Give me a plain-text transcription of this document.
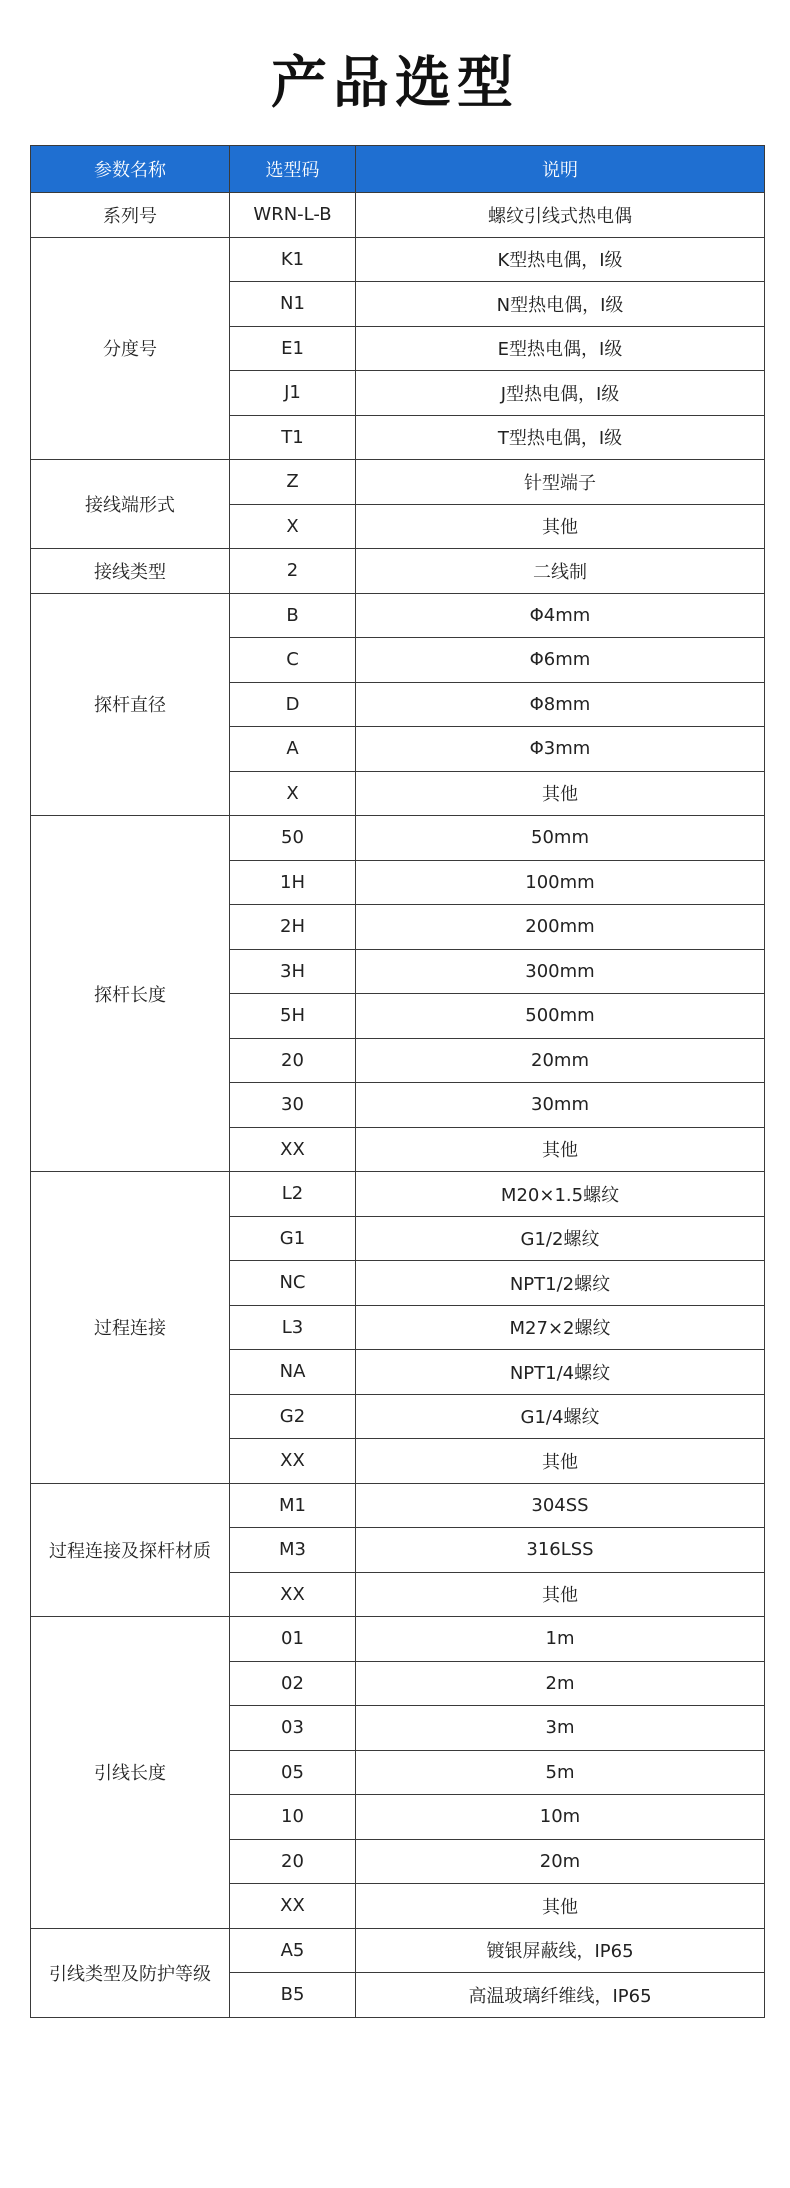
产品选型
参数名称	选型码	说明
系列号	WRN-L-B	螺纹引线式热电偶
分度号	K1	K型热电偶，Ⅰ级
	N1	N型热电偶，Ⅰ级
	E1	E型热电偶，Ⅰ级
	J1	J型热电偶，Ⅰ级
	T1	T型热电偶，Ⅰ级
接线端形式	Z	针型端子
	X	其他
接线类型	2	二线制
探杆直径	B	Φ4mm
	C	Φ6mm
	D	Φ8mm
	A	Φ3mm
	X	其他
探杆长度	50	50mm
	1H	100mm
	2H	200mm
	3H	300mm
	5H	500mm
	20	20mm
	30	30mm
	XX	其他
过程连接	L2	M20×1.5螺纹
	G1	G1/2螺纹
	NC	NPT1/2螺纹
	L3	M27×2螺纹
	NA	NPT1/4螺纹
	G2	G1/4螺纹
	XX	其他
过程连接及探杆材质	M1	304SS
	M3	316LSS
	XX	其他
引线长度	01	1m
	02	2m
	03	3m
	05	5m
	10	10m
	20	20m
	XX	其他
引线类型及防护等级	A5	镀银屏蔽线，IP65
	B5	高温玻璃纤维线，IP65
